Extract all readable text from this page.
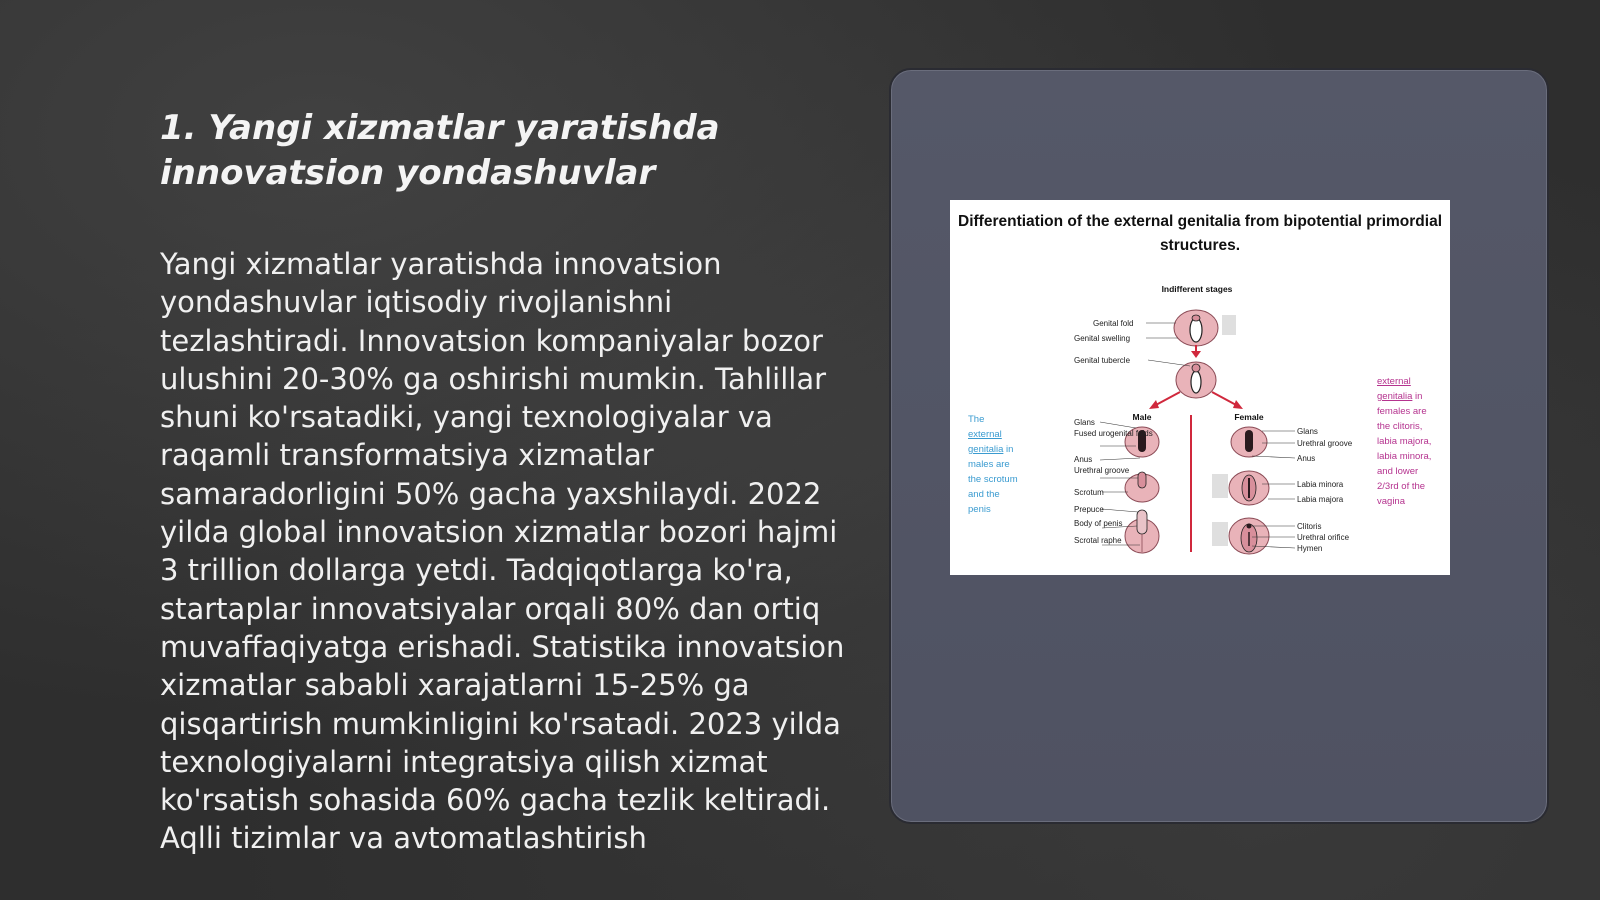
1. Yangi xizmatlar yaratishda innovatsion yondashuvlar

Yangi xizmatlar yaratishda innovatsion yondashuvlar iqtisodiy rivojlanishni tezlashtiradi. Innovatsion kompaniyalar bozor ulushini 20-30% ga oshirishi mumkin. Tahlillar shuni ko'rsatadiki, yangi texnologiyalar va raqamli transformatsiya xizmatlar samaradorligini 50% gacha yaxshilaydi. 2022 yilda global innovatsion xizmatlar bozori hajmi 3 trillion dollarga yetdi. Tadqiqotlarga ko'ra, startaplar innovatsiyalar orqali 80% dan ortiq muvaffaqiyatga erishadi. Statistika innovatsion xizmatlar sababli xarajatlarni 15-25% ga qisqartirish mumkinligini ko'rsatadi. 2023 yilda texnologiyalarni integratsiya qilish xizmat ko'rsatish sohasida 60% gacha tezlik keltiradi. Aqlli tizimlar va avtomatlashtirish

Differentiation of the external genitalia from bipotential primordial structures.
Indifferent stages
Genital fold
Genital swelling
Genital tubercle
Male	Female
Glans
Fused urogenital folds
Anus
Urethral groove
Scrotum
Prepuce
Body of penis
Scrotal raphe
Glans
Urethral groove
Anus
Labia minora
Labia majora
Clitoris
Urethral orifice
Hymen
The external genitalia in males are the scrotum and the penis
external genitalia in females are the clitoris, labia majora, labia minora, and lower 2/3rd of the vagina
